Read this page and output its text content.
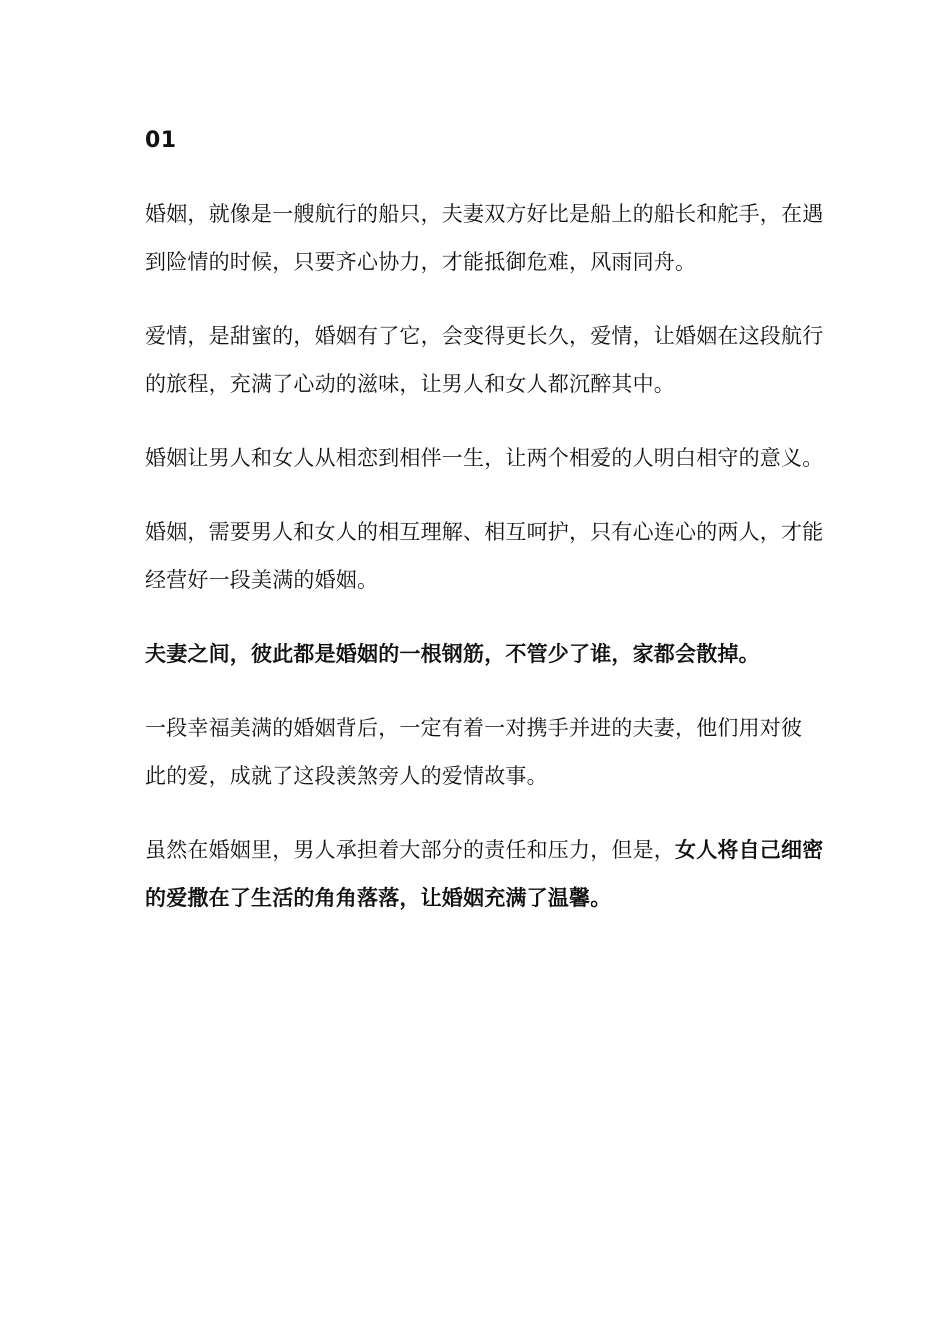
01

婚姻，就像是一艘航行的船只，夫妻双方好比是船上的船长和舵手，在遇
到险情的时候，只要齐心协力，才能抵御危难，风雨同舟。

爱情，是甜蜜的，婚姻有了它，会变得更长久，爱情，让婚姻在这段航行
的旅程，充满了心动的滋味，让男人和女人都沉醉其中。

婚姻让男人和女人从相恋到相伴一生，让两个相爱的人明白相守的意义。

婚姻，需要男人和女人的相互理解、相互呵护，只有心连心的两人，才能
经营好一段美满的婚姻。

夫妻之间，彼此都是婚姻的一根钢筋，不管少了谁，家都会散掉。

一段幸福美满的婚姻背后，一定有着一对携手并进的夫妻，他们用对彼
此的爱，成就了这段羡煞旁人的爱情故事。

虽然在婚姻里，男人承担着大部分的责任和压力，但是，女人将自己细密
的爱撒在了生活的角角落落，让婚姻充满了温馨。
